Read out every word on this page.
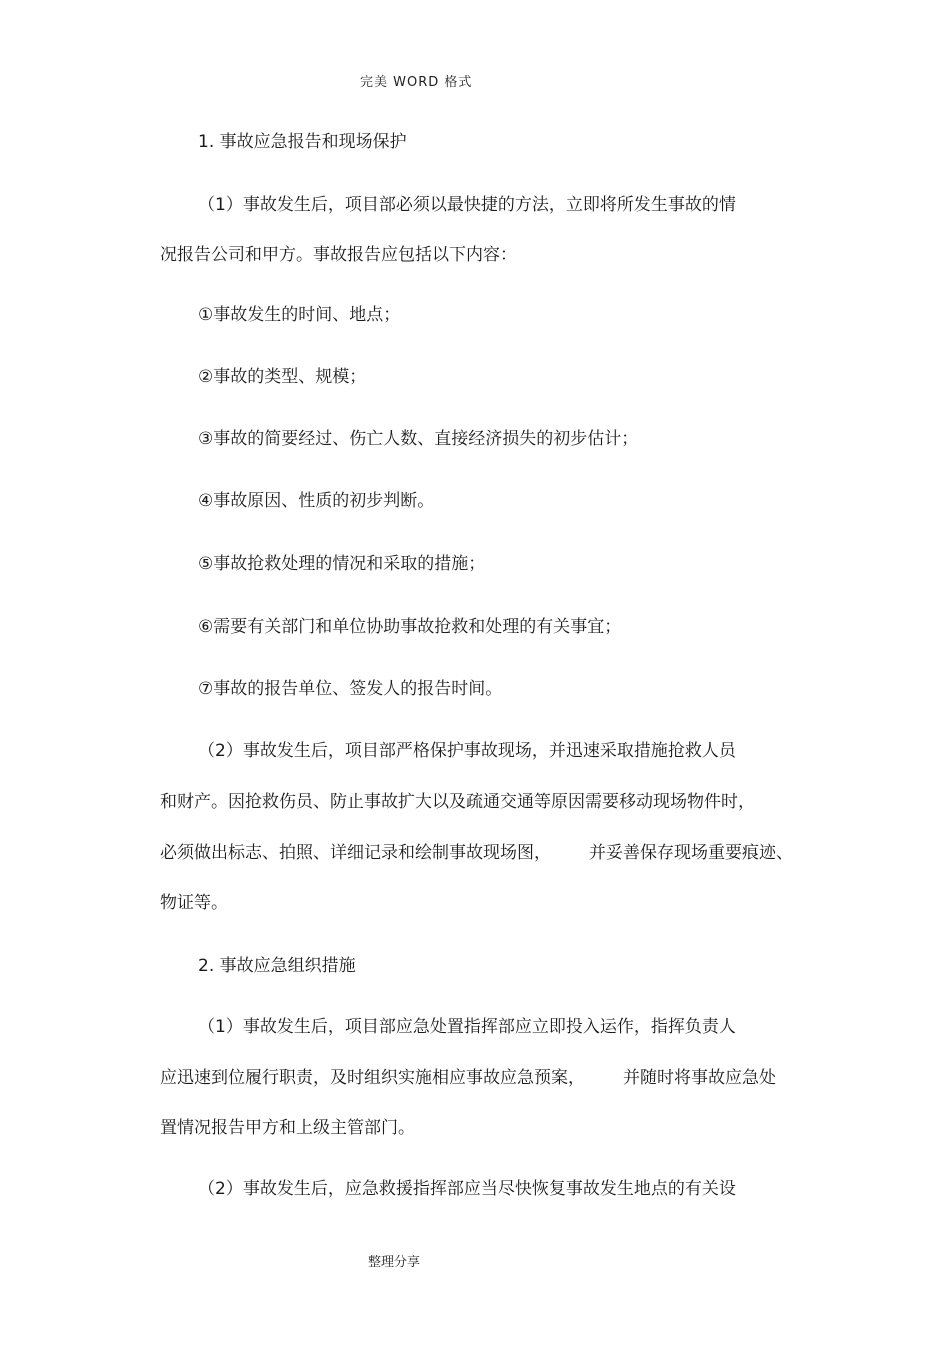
完美 WORD 格式
1. 事故应急报告和现场保护
（1）事故发生后，项目部必须以最快捷的方法，立即将所发生事故的情
况报告公司和甲方。事故报告应包括以下内容：
①事故发生的时间、地点；
②事故的类型、规模；
③事故的简要经过、伤亡人数、直接经济损失的初步估计；
④事故原因、性质的初步判断。
⑤事故抢救处理的情况和采取的措施；
⑥需要有关部门和单位协助事故抢救和处理的有关事宜；
⑦事故的报告单位、签发人的报告时间。
（2）事故发生后，项目部严格保护事故现场，并迅速采取措施抢救人员
和财产。因抢救伤员、防止事故扩大以及疏通交通等原因需要移动现场物件时，
必须做出标志、拍照、详细记录和绘制事故现场图， 并妥善保存现场重要痕迹、
物证等。
2. 事故应急组织措施
（1）事故发生后，项目部应急处置指挥部应立即投入运作，指挥负责人
应迅速到位履行职责，及时组织实施相应事故应急预案， 并随时将事故应急处
置情况报告甲方和上级主管部门。
（2）事故发生后，应急救援指挥部应当尽快恢复事故发生地点的有关设
整理分享
